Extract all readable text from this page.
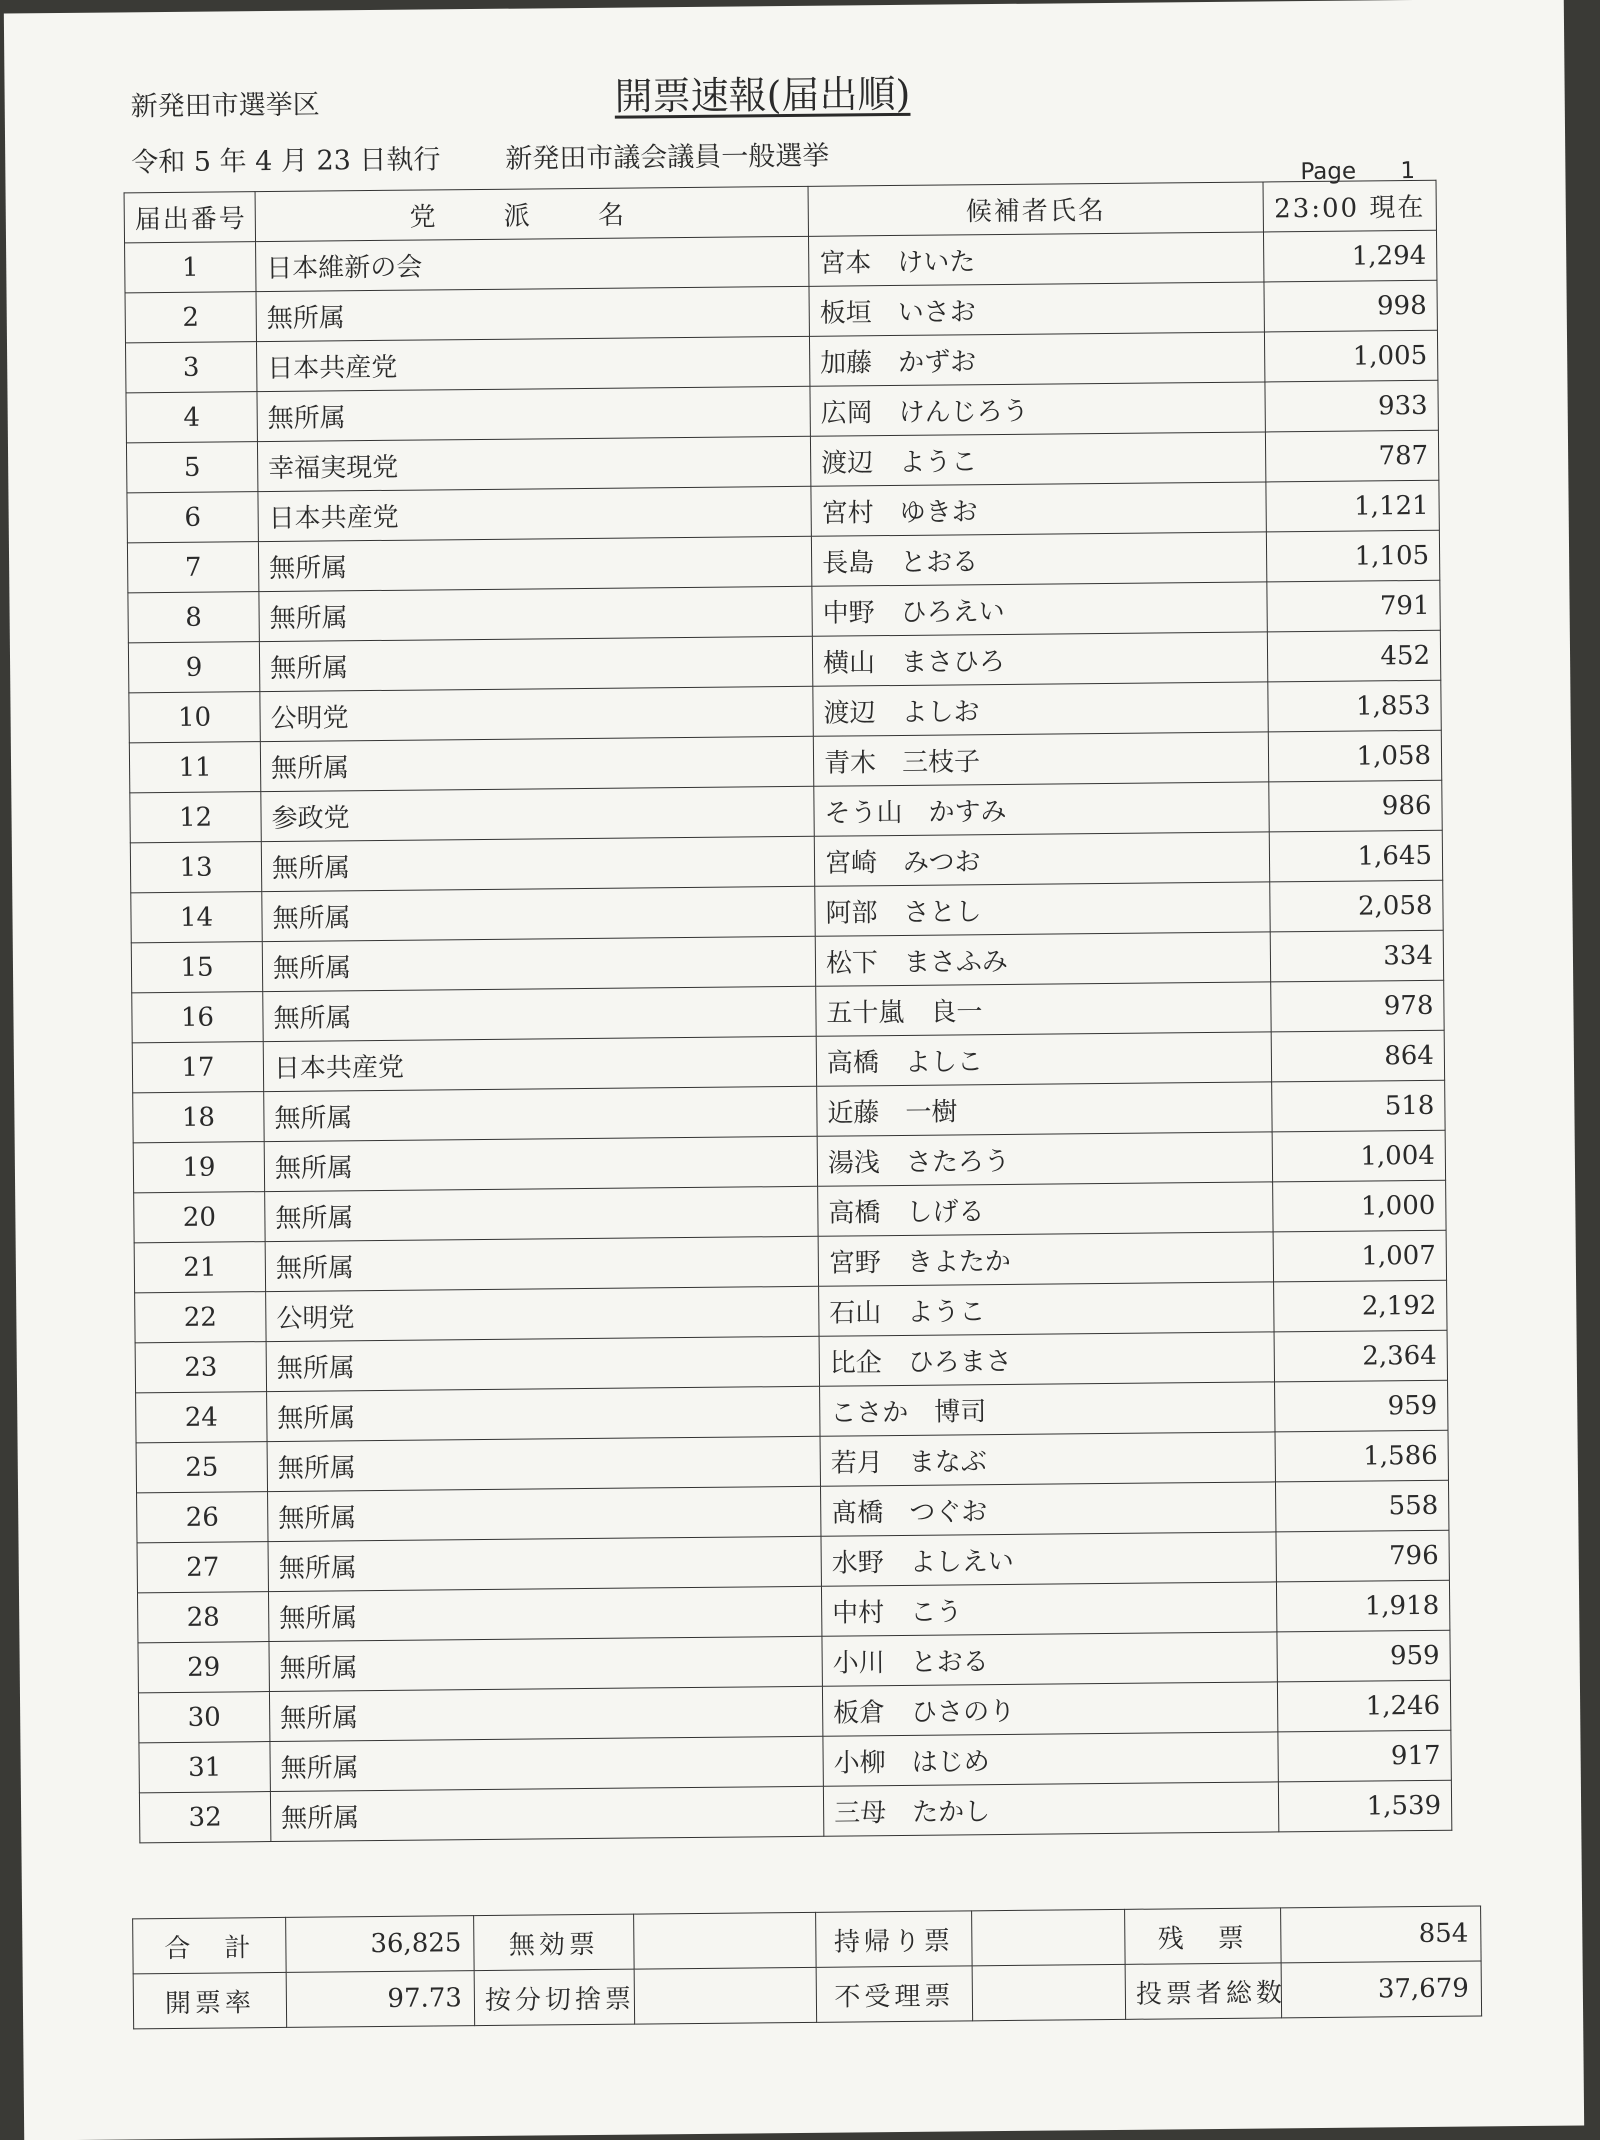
新発田市選挙区	開票速報(届出順)
令和 5 年 4 月 23 日執行 新発田市議会議員一般選挙	Page 1
届出番号	党 派 名	候補者氏名	23:00 現在
1	日本維新の会	宮本　けいた	1,294
2	無所属	板垣　いさお	998
3	日本共産党	加藤　かずお	1,005
4	無所属	広岡　けんじろう	933
5	幸福実現党	渡辺　ようこ	787
6	日本共産党	宮村　ゆきお	1,121
7	無所属	長島　とおる	1,105
8	無所属	中野　ひろえい	791
9	無所属	横山　まさひろ	452
10	公明党	渡辺　よしお	1,853
11	無所属	青木　三枝子	1,058
12	参政党	そう山　かすみ	986
13	無所属	宮崎　みつお	1,645
14	無所属	阿部　さとし	2,058
15	無所属	松下　まさふみ	334
16	無所属	五十嵐　良一	978
17	日本共産党	高橋　よしこ	864
18	無所属	近藤　一樹	518
19	無所属	湯浅　さたろう	1,004
20	無所属	高橋　しげる	1,000
21	無所属	宮野　きよたか	1,007
22	公明党	石山　ようこ	2,192
23	無所属	比企　ひろまさ	2,364
24	無所属	こさか　博司	959
25	無所属	若月　まなぶ	1,586
26	無所属	髙橋　つぐお	558
27	無所属	水野　よしえい	796
28	無所属	中村　こう	1,918
29	無所属	小川　とおる	959
30	無所属	板倉　ひさのり	1,246
31	無所属	小柳　はじめ	917
32	無所属	三母　たかし	1,539
合　計	36,825	無効票		持帰り票		残　票	854
開票率	97.73	按分切捨票		不受理票		投票者総数	37,679
